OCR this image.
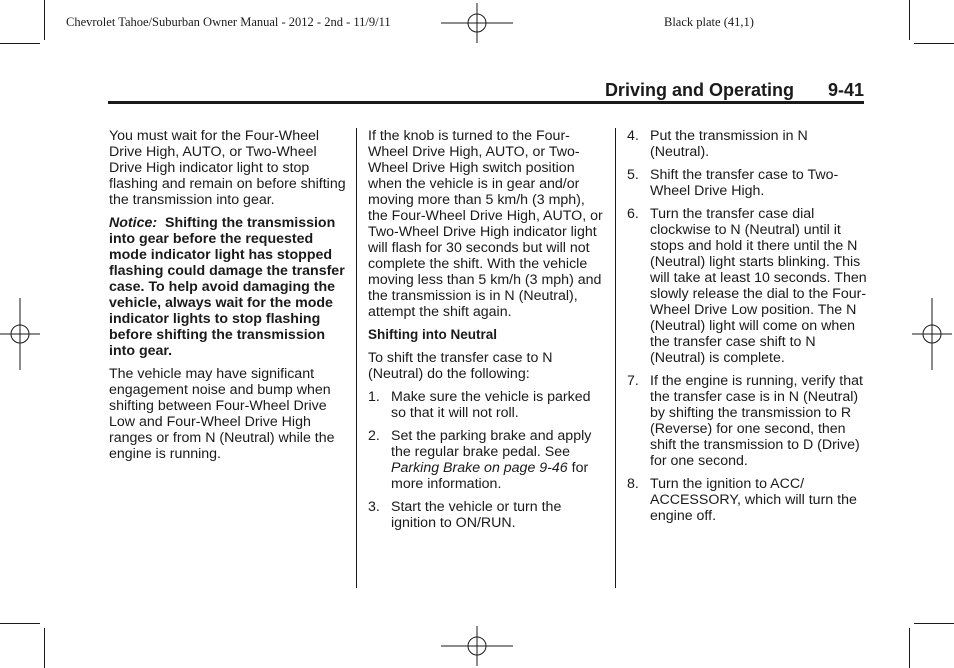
Chevrolet Tahoe/Suburban Owner Manual - 2012 - 2nd - 11/9/11	Black plate (41,1)
Driving and Operating 9-41

You must wait for the Four-Wheel Drive High, AUTO, or Two-Wheel Drive High indicator light to stop flashing and remain on before shifting the transmission into gear.

Notice: Shifting the transmission into gear before the requested mode indicator light has stopped flashing could damage the transfer case. To help avoid damaging the vehicle, always wait for the mode indicator lights to stop flashing before shifting the transmission into gear.

The vehicle may have significant engagement noise and bump when shifting between Four-Wheel Drive Low and Four-Wheel Drive High ranges or from N (Neutral) while the engine is running.

If the knob is turned to the Four-Wheel Drive High, AUTO, or Two-Wheel Drive High switch position when the vehicle is in gear and/or moving more than 5 km/h (3 mph), the Four-Wheel Drive High, AUTO, or Two-Wheel Drive High indicator light will flash for 30 seconds but will not complete the shift. With the vehicle moving less than 5 km/h (3 mph) and the transmission is in N (Neutral), attempt the shift again.

Shifting into Neutral

To shift the transfer case to N (Neutral) do the following:

1. Make sure the vehicle is parked so that it will not roll.
2. Set the parking brake and apply the regular brake pedal. See Parking Brake on page 9-46 for more information.
3. Start the vehicle or turn the ignition to ON/RUN.
4. Put the transmission in N (Neutral).
5. Shift the transfer case to Two-Wheel Drive High.
6. Turn the transfer case dial clockwise to N (Neutral) until it stops and hold it there until the N (Neutral) light starts blinking. This will take at least 10 seconds. Then slowly release the dial to the Four-Wheel Drive Low position. The N (Neutral) light will come on when the transfer case shift to N (Neutral) is complete.
7. If the engine is running, verify that the transfer case is in N (Neutral) by shifting the transmission to R (Reverse) for one second, then shift the transmission to D (Drive) for one second.
8. Turn the ignition to ACC/ ACCESSORY, which will turn the engine off.
